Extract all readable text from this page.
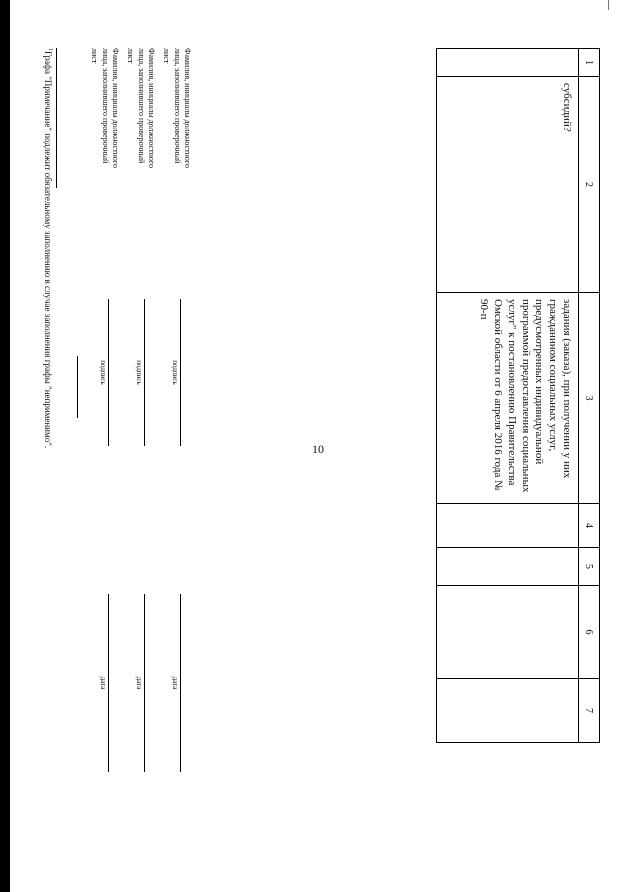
10
1	2	3	4	5	6	7

	субсидий?	задания (заказа), при получении у них гражданином социальных услуг, предусмотренных индивидуальной программой предоставления социальных услуг" к постановлению Правительства Омской области от 6 апреля 2016 года № 90-п				

Фамилия, инициалы должностного лица, заполнившего проверочный лист
подпись
дата
Фамилия, инициалы должностного лица, заполнившего проверочный лист
подпись
дата
Фамилия, инициалы должностного лица, заполнившего проверочный лист
подпись
дата
$^1$Графа "Примечание" подлежит обязательному заполнению в случае заполнения графы "неприменимо".
